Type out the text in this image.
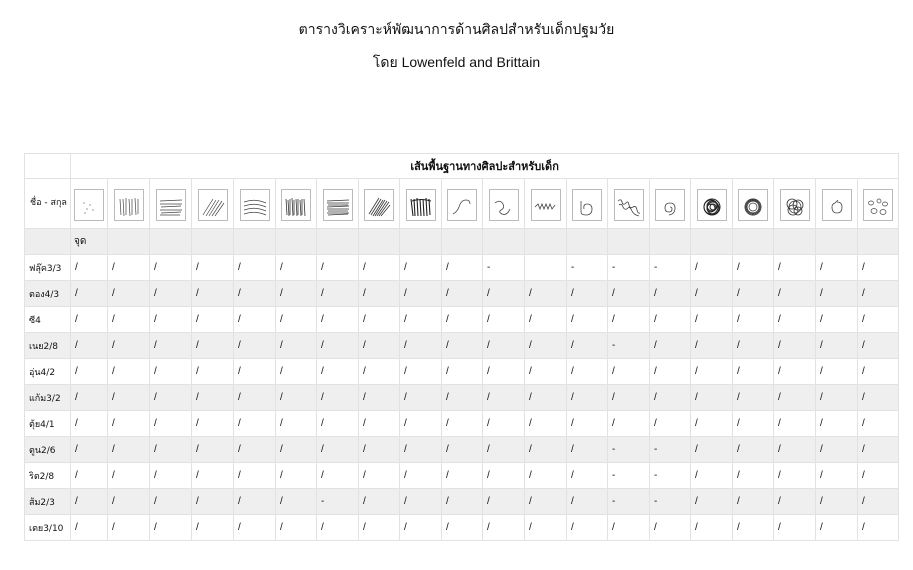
ตารางวิเคราะห์พัฒนาการด้านศิลปสำหรับเด็กปฐมวัย
โดย Lowenfeld and Brittain
	เส้นพื้นฐานทางศิลปะสำหรับเด็ก																			
ชื่อ - สกุล	

	จุด																			
ฟลุ๊ค3/3	/	/	/	/	/	/	/	/	/	/	-		-	-	-	/	/	/	/	/
ตอง4/3	/	/	/	/	/	/	/	/	/	/	/	/	/	/	/	/	/	/	/	/
ซี4	/	/	/	/	/	/	/	/	/	/	/	/	/	/	/	/	/	/	/	/
เนย2/8	/	/	/	/	/	/	/	/	/	/	/	/	/	-	/	/	/	/	/	/
อุ่น4/2	/	/	/	/	/	/	/	/	/	/	/	/	/	/	/	/	/	/	/	/
แก้ม3/2	/	/	/	/	/	/	/	/	/	/	/	/	/	/	/	/	/	/	/	/
ตุ้ย4/1	/	/	/	/	/	/	/	/	/	/	/	/	/	/	/	/	/	/	/	/
ตูน2/6	/	/	/	/	/	/	/	/	/	/	/	/	/	-	-	/	/	/	/	/
ริต2/8	/	/	/	/	/	/	/	/	/	/	/	/	/	-	-	/	/	/	/	/
ส้ม2/3	/	/	/	/	/	/	-	/	/	/	/	/	/	-	-	/	/	/	/	/
เตย3/10	/	/	/	/	/	/	/	/	/	/	/	/	/	/	/	/	/	/	/	/
